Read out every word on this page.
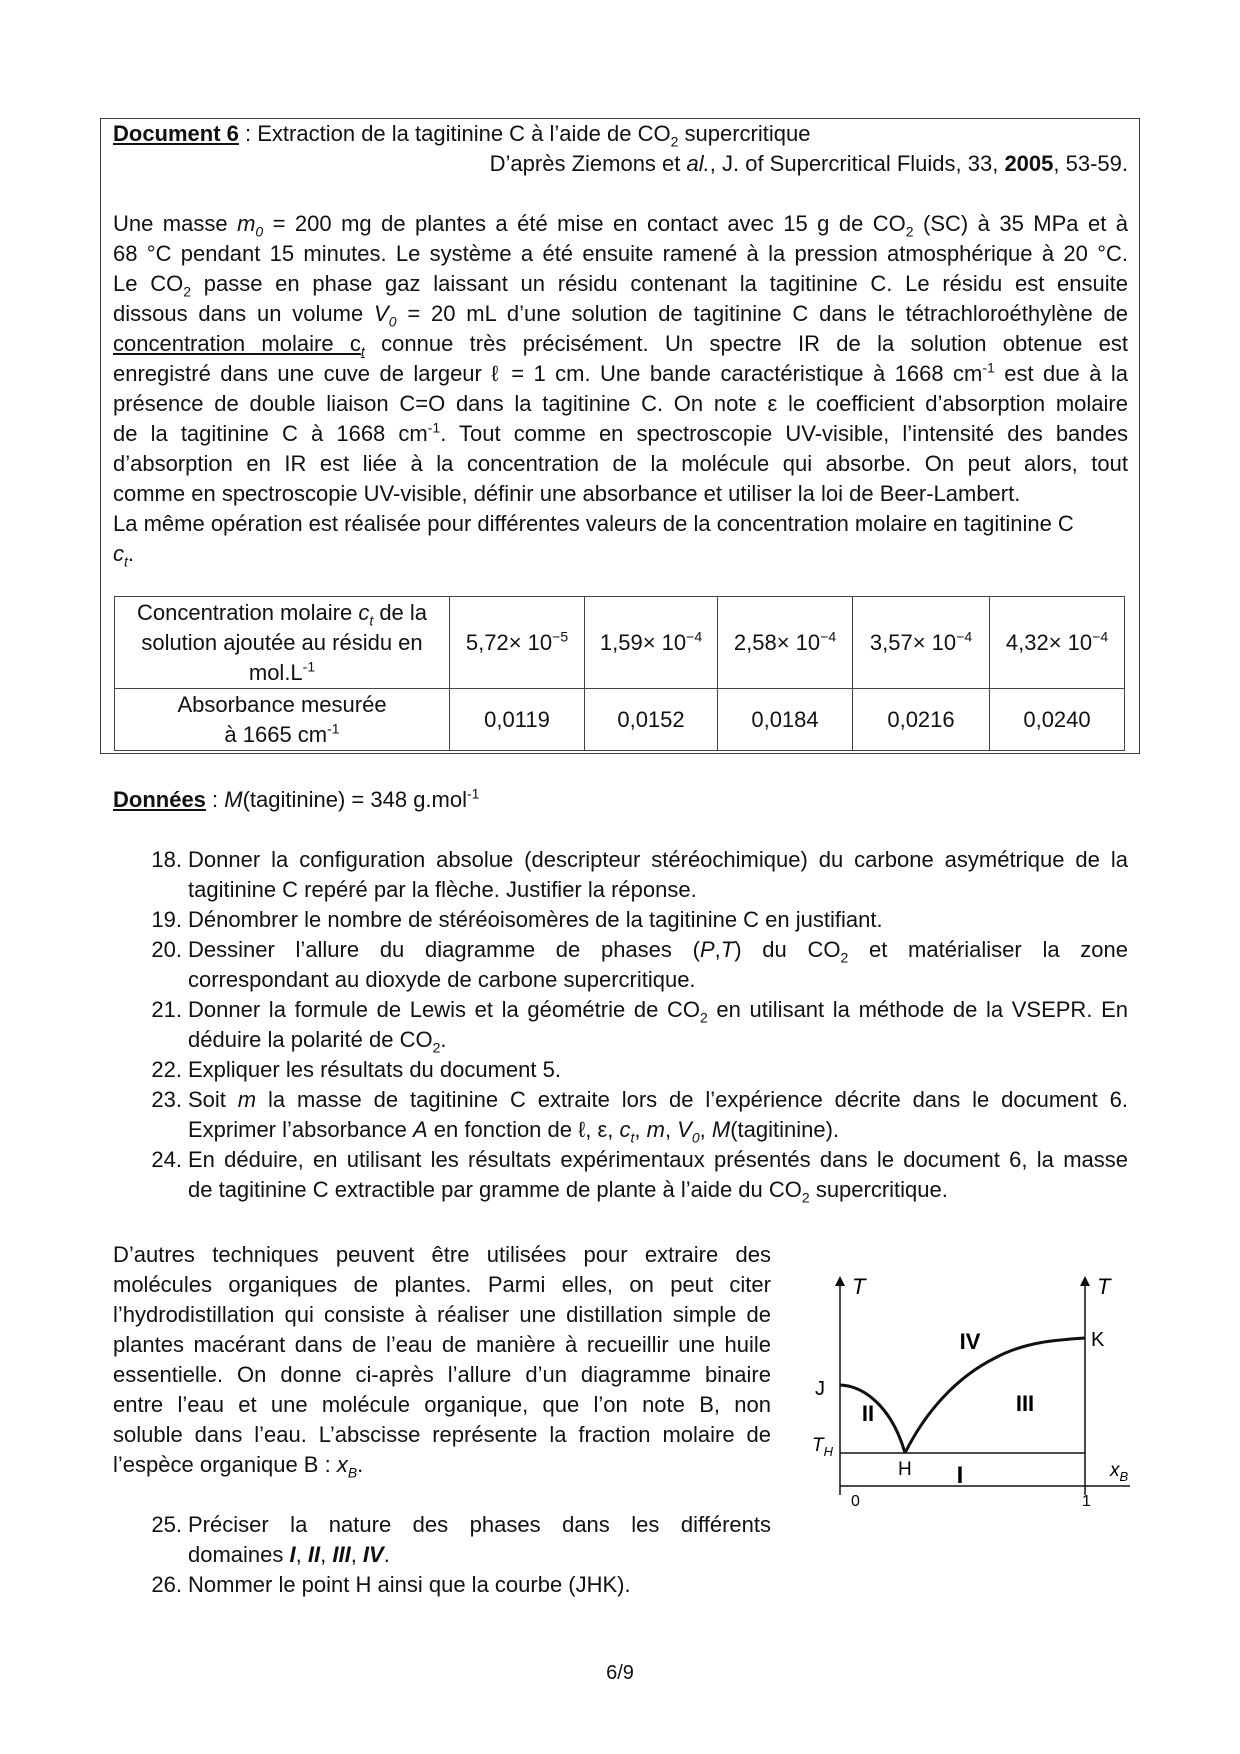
Document 6 : Extraction de la tagitinine C à l’aide de $CO_2$ supercritique
D’après Ziemons et al., J. of Supercritical Fluids, 33, 2005, 53-59.
Une masse $m_0 = 200$ mg de plantes a été mise en contact avec 15 g de $CO_2$ (SC) à 35 MPa et à
68 °C pendant 15 minutes. Le système a été ensuite ramené à la pression atmosphérique à 20 °C.
Le $CO_2$ passe en phase gaz laissant un résidu contenant la tagitinine C. Le résidu est ensuite
dissous dans un volume $V_0 = 20$ mL d’une solution de tagitinine C dans le tétrachloroéthylène de
concentration molaire $c_t$ connue très précisément. Un spectre IR de la solution obtenue est
enregistré dans une cuve de largeur ℓ = 1 cm. Une bande caractéristique à 1668 $cm^{-1}$ est due à la
présence de double liaison C=O dans la tagitinine C. On note ε le coefficient d’absorption molaire
de la tagitinine C à 1668 $cm^{-1}$. Tout comme en spectroscopie UV-visible, l’intensité des bandes
d’absorption en IR est liée à la concentration de la molécule qui absorbe. On peut alors, tout
comme en spectroscopie UV-visible, définir une absorbance et utiliser la loi de Beer-Lambert.
La même opération est réalisée pour différentes valeurs de la concentration molaire en tagitinine C
$c_t$.
Concentration molaire $c_t$ de la
solution ajoutée au résidu en
$mol.L^{-1}$	$5,72\times 10^{-5}$	$1,59\times 10^{-4}$	$2,58\times 10^{-4}$	$3,57\times 10^{-4}$	$4,32\times 10^{-4}$

Absorbance mesurée
à 1665 $cm^{-1}$	0,0119	0,0152	0,0184	0,0216	0,0240
Données : M(tagitinine) = 348 g.mol$^{-1}$
18. Donner la configuration absolue (descripteur stéréochimique) du carbone asymétrique de la
tagitinine C repéré par la flèche. Justifier la réponse.
19. Dénombrer le nombre de stéréoisomères de la tagitinine C en justifiant.
20. Dessiner l’allure du diagramme de phases (P,T) du $CO_2$ et matérialiser la zone
correspondant au dioxyde de carbone supercritique.
21. Donner la formule de Lewis et la géométrie de $CO_2$ en utilisant la méthode de la VSEPR. En
déduire la polarité de $CO_2$.
22. Expliquer les résultats du document 5.
23. Soit m la masse de tagitinine C extraite lors de l’expérience décrite dans le document 6.
Exprimer l’absorbance A en fonction de ℓ, ε, $c_t$, m, $V_0$, M(tagitinine).
24. En déduire, en utilisant les résultats expérimentaux présentés dans le document 6, la masse
de tagitinine C extractible par gramme de plante à l’aide du $CO_2$ supercritique.
D’autres techniques peuvent être utilisées pour extraire des
molécules organiques de plantes. Parmi elles, on peut citer
l’hydrodistillation qui consiste à réaliser une distillation simple de
plantes macérant dans de l’eau de manière à recueillir une huile
essentielle. On donne ci-après l’allure d’un diagramme binaire
entre l’eau et une molécule organique, que l’on note B, non
soluble dans l’eau. L’abscisse représente la fraction molaire de
l’espèce organique B : $x_B$.
25. Préciser la nature des phases dans les différents
domaines I, II, III, IV.
26. Nommer le point H ainsi que la courbe (JHK).
T	T
J
K
H
$T_H$
I
II	III
IV
$x_B$
0	1
6/9
